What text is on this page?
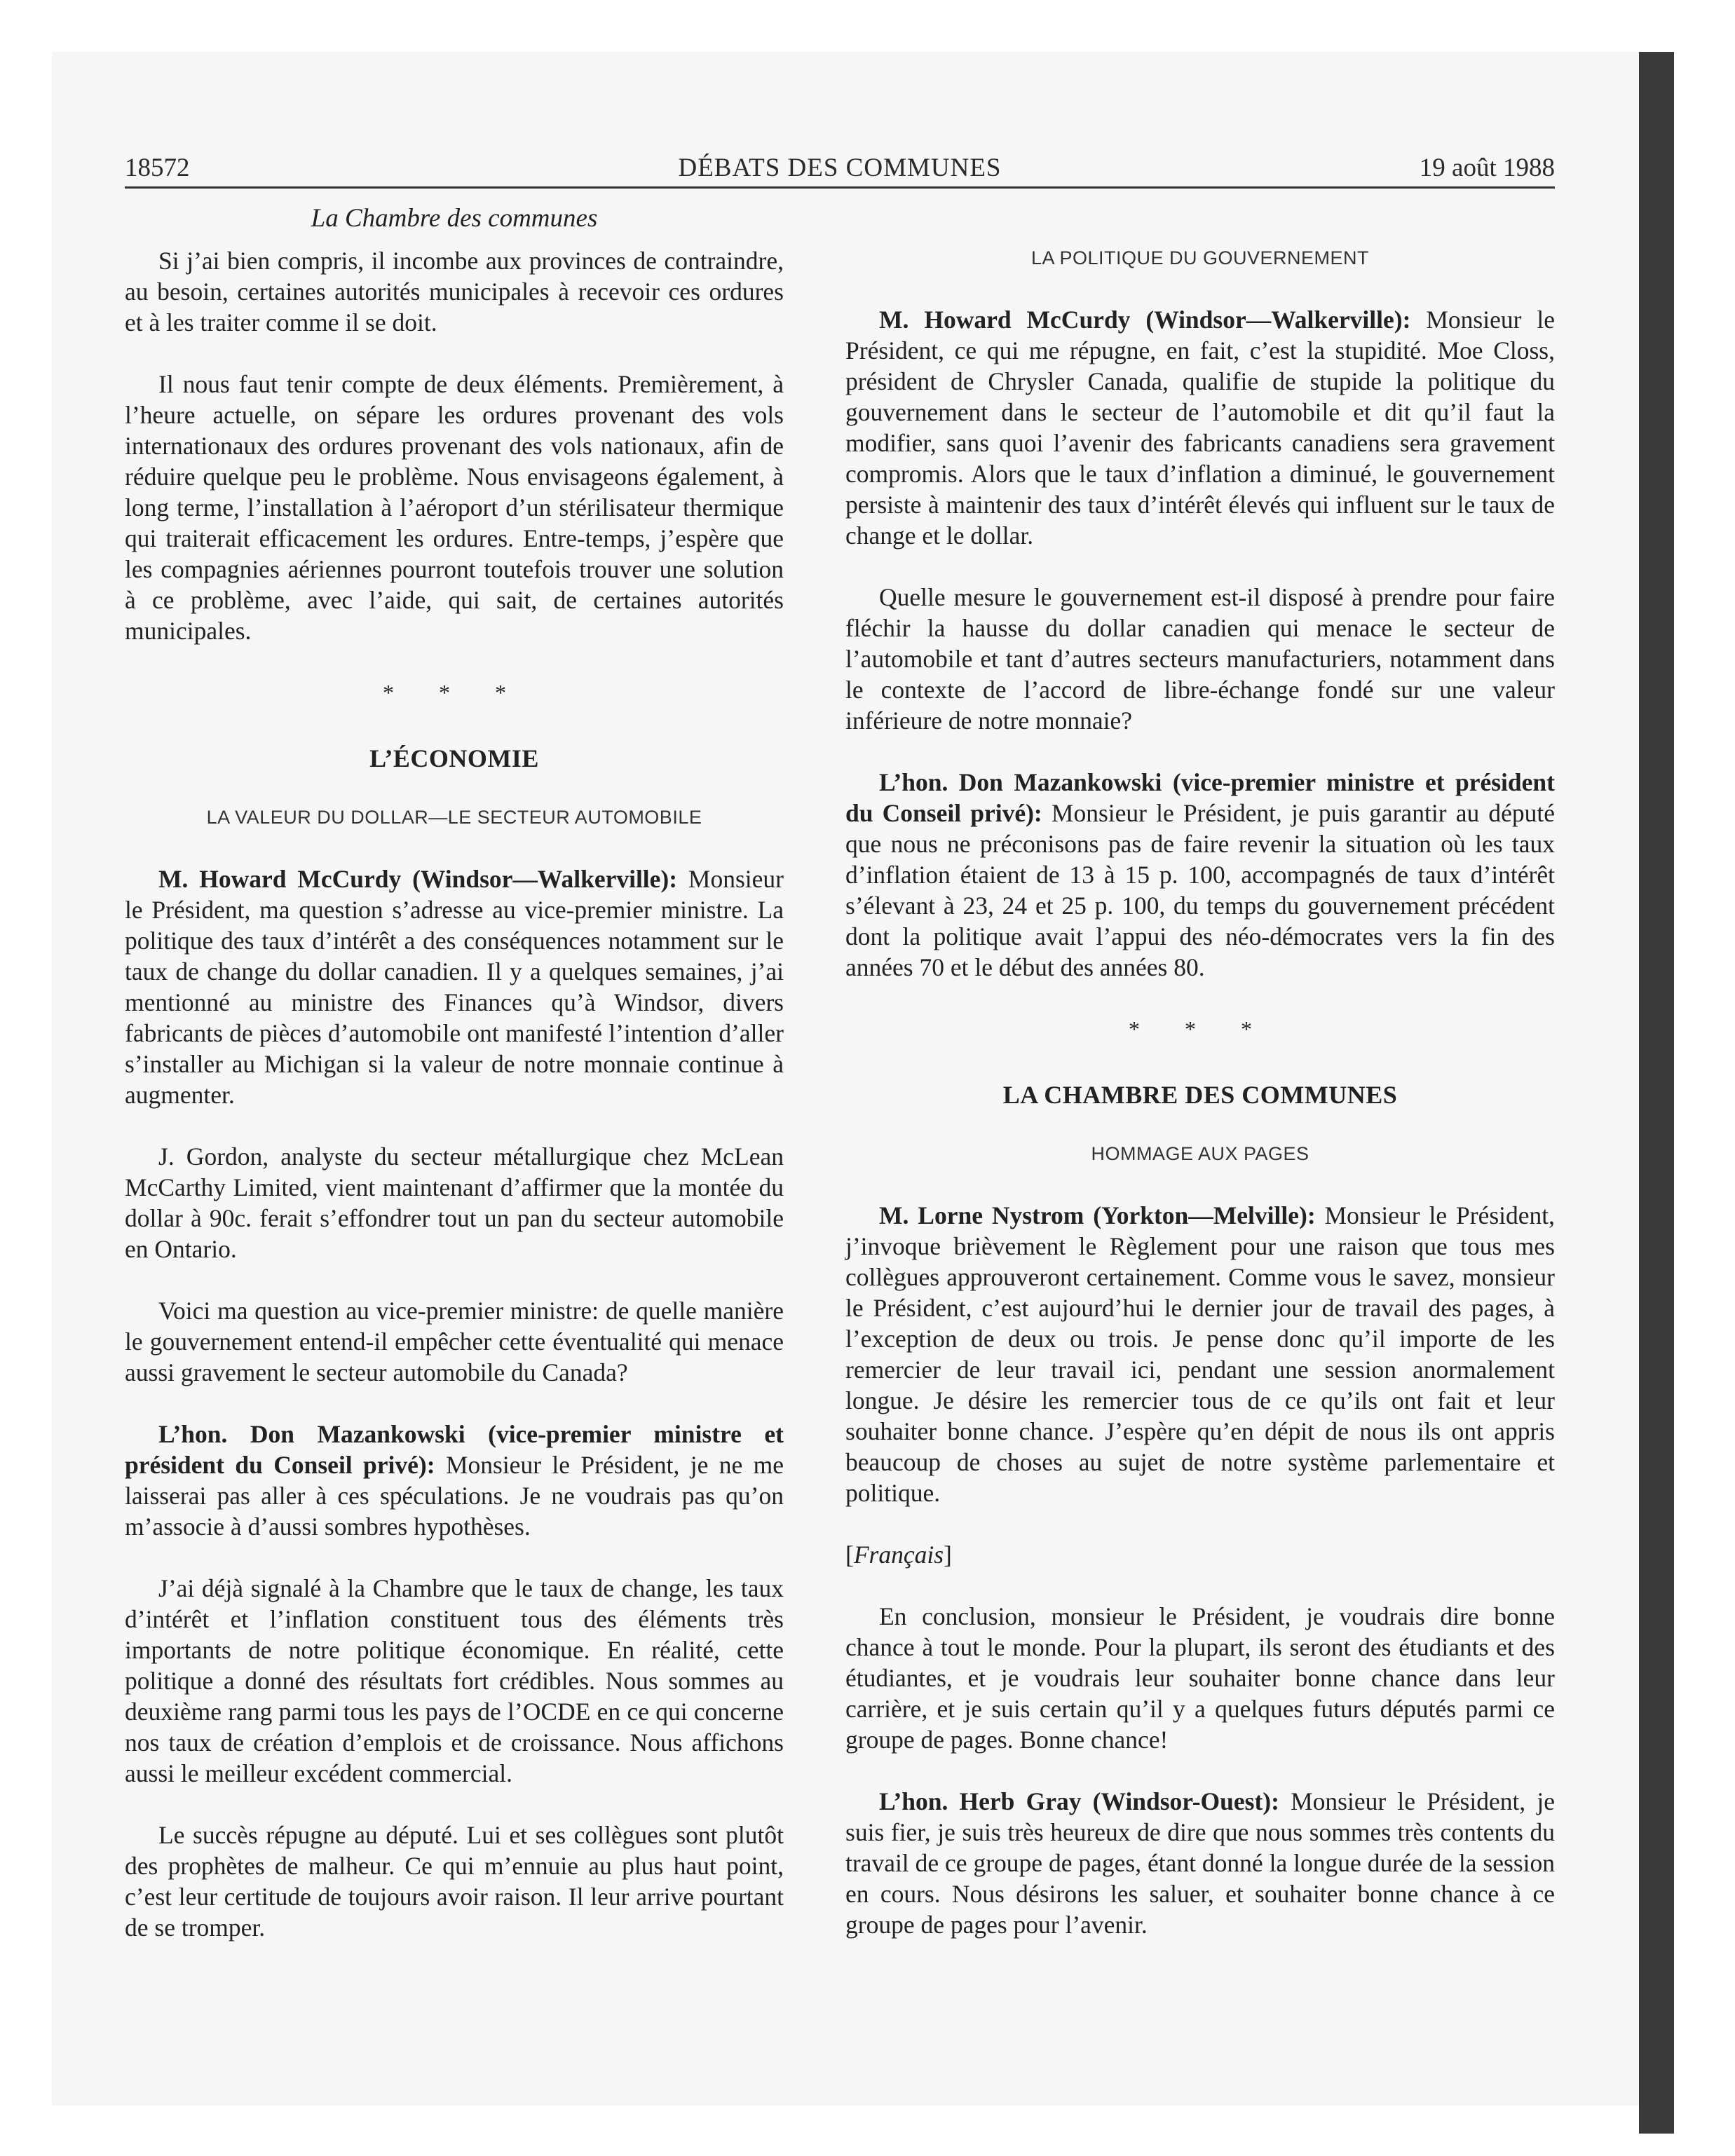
18572	DÉBATS DES COMMUNES	19 août 1988
La Chambre des communes

Si j’ai bien compris, il incombe aux provinces de contraindre, au besoin, certaines autorités municipales à recevoir ces ordures et à les traiter comme il se doit.

Il nous faut tenir compte de deux éléments. Premièrement, à l’heure actuelle, on sépare les ordures provenant des vols internationaux des ordures provenant des vols nationaux, afin de réduire quelque peu le problème. Nous envisageons également, à long terme, l’installation à l’aéroport d’un stérilisateur thermique qui traiterait efficacement les ordures. Entre-temps, j’espère que les compagnies aériennes pourront toutefois trouver une solution à ce problème, avec l’aide, qui sait, de certaines autorités municipales.

* * *
L’ÉCONOMIE
LA VALEUR DU DOLLAR—LE SECTEUR AUTOMOBILE

M. Howard McCurdy (Windsor—Walkerville): Monsieur le Président, ma question s’adresse au vice-premier ministre. La politique des taux d’intérêt a des conséquences notamment sur le taux de change du dollar canadien. Il y a quelques semaines, j’ai mentionné au ministre des Finances qu’à Windsor, divers fabricants de pièces d’automobile ont manifesté l’intention d’aller s’installer au Michigan si la valeur de notre monnaie continue à augmenter.

J. Gordon, analyste du secteur métallurgique chez McLean McCarthy Limited, vient maintenant d’affirmer que la montée du dollar à 90c. ferait s’effondrer tout un pan du secteur automobile en Ontario.

Voici ma question au vice-premier ministre: de quelle manière le gouvernement entend-il empêcher cette éventualité qui menace aussi gravement le secteur automobile du Canada?

L’hon. Don Mazankowski (vice-premier ministre et président du Conseil privé): Monsieur le Président, je ne me laisserai pas aller à ces spéculations. Je ne voudrais pas qu’on m’associe à d’aussi sombres hypothèses.

J’ai déjà signalé à la Chambre que le taux de change, les taux d’intérêt et l’inflation constituent tous des éléments très importants de notre politique économique. En réalité, cette politique a donné des résultats fort crédibles. Nous sommes au deuxième rang parmi tous les pays de l’OCDE en ce qui concerne nos taux de création d’emplois et de croissance. Nous affichons aussi le meilleur excédent commercial.

Le succès répugne au député. Lui et ses collègues sont plutôt des prophètes de malheur. Ce qui m’ennuie au plus haut point, c’est leur certitude de toujours avoir raison. Il leur arrive pourtant de se tromper.

LA POLITIQUE DU GOUVERNEMENT

M. Howard McCurdy (Windsor—Walkerville): Monsieur le Président, ce qui me répugne, en fait, c’est la stupidité. Moe Closs, président de Chrysler Canada, qualifie de stupide la politique du gouvernement dans le secteur de l’automobile et dit qu’il faut la modifier, sans quoi l’avenir des fabricants canadiens sera gravement compromis. Alors que le taux d’inflation a diminué, le gouvernement persiste à maintenir des taux d’intérêt élevés qui influent sur le taux de change et le dollar.

Quelle mesure le gouvernement est-il disposé à prendre pour faire fléchir la hausse du dollar canadien qui menace le secteur de l’automobile et tant d’autres secteurs manufacturiers, notamment dans le contexte de l’accord de libre-échange fondé sur une valeur inférieure de notre monnaie?

L’hon. Don Mazankowski (vice-premier ministre et président du Conseil privé): Monsieur le Président, je puis garantir au député que nous ne préconisons pas de faire revenir la situation où les taux d’inflation étaient de 13 à 15 p. 100, accompagnés de taux d’intérêt s’élevant à 23, 24 et 25 p. 100, du temps du gouvernement précédent dont la politique avait l’appui des néo-démocrates vers la fin des années 70 et le début des années 80.

* * *
LA CHAMBRE DES COMMUNES
HOMMAGE AUX PAGES

M. Lorne Nystrom (Yorkton—Melville): Monsieur le Président, j’invoque brièvement le Règlement pour une raison que tous mes collègues approuveront certainement. Comme vous le savez, monsieur le Président, c’est aujourd’hui le dernier jour de travail des pages, à l’exception de deux ou trois. Je pense donc qu’il importe de les remercier de leur travail ici, pendant une session anormalement longue. Je désire les remercier tous de ce qu’ils ont fait et leur souhaiter bonne chance. J’espère qu’en dépit de nous ils ont appris beaucoup de choses au sujet de notre système parlementaire et politique.

[Français]

En conclusion, monsieur le Président, je voudrais dire bonne chance à tout le monde. Pour la plupart, ils seront des étudiants et des étudiantes, et je voudrais leur souhaiter bonne chance dans leur carrière, et je suis certain qu’il y a quelques futurs députés parmi ce groupe de pages. Bonne chance!

L’hon. Herb Gray (Windsor-Ouest): Monsieur le Président, je suis fier, je suis très heureux de dire que nous sommes très contents du travail de ce groupe de pages, étant donné la longue durée de la session en cours. Nous désirons les saluer, et souhaiter bonne chance à ce groupe de pages pour l’avenir.
